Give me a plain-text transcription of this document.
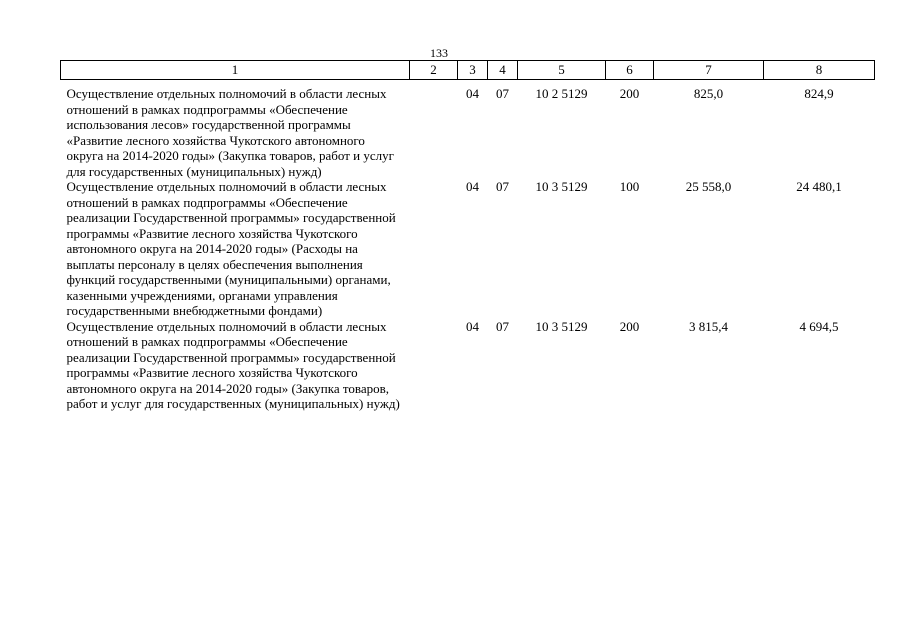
133
1	2	3	4	5	6	7	8
Осуществление отдельных полномочий в области лесных отношений в рамках подпрограммы «Обеспечение использования лесов» государственной программы «Развитие лесного хозяйства Чукотского автономного округа на 2014-2020 годы» (Закупка товаров, работ и услуг для государственных (муниципальных) нужд)		04	07	10 2 5129	200	825,0	824,9
Осуществление отдельных полномочий в области лесных отношений в рамках подпрограммы «Обеспечение реализации Государственной программы» государственной программы «Развитие лесного хозяйства Чукотского автономного округа на 2014-2020 годы» (Расходы на выплаты персоналу в целях обеспечения выполнения функций государственными (муниципальными) органами, казенными учреждениями, органами управления государственными внебюджетными фондами)		04	07	10 3 5129	100	25 558,0	24 480,1
Осуществление отдельных полномочий в области лесных отношений в рамках подпрограммы «Обеспечение реализации Государственной программы» государственной программы «Развитие лесного хозяйства Чукотского автономного округа на 2014-2020 годы» (Закупка товаров, работ и услуг для государственных (муниципальных) нужд)		04	07	10 3 5129	200	3 815,4	4 694,5
